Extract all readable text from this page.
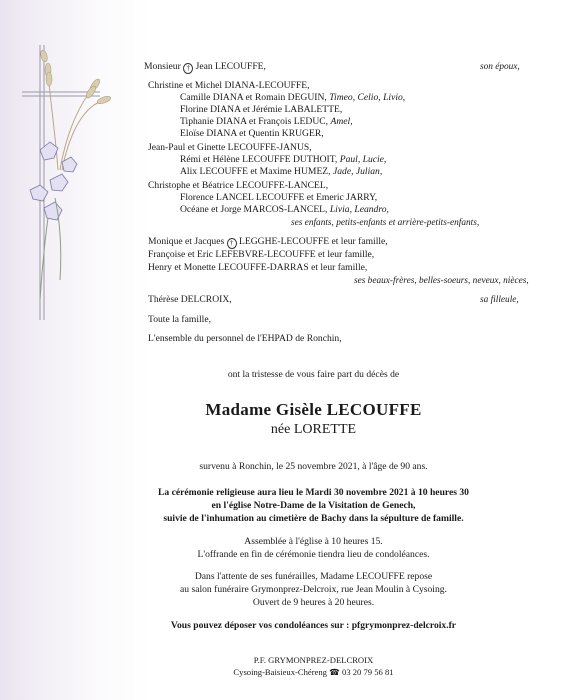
Monsieur † Jean LECOUFFE,	son époux,
Christine et Michel DIANA-LECOUFFE,
Camille DIANA et Romain DEGUIN, Timeo, Celio, Livio,
Florine DIANA et Jérémie LABALETTE,
Tiphanie DIANA et François LEDUC, Amel,
Eloïse DIANA et Quentin KRUGER,
Jean-Paul et Ginette LECOUFFE-JANUS,
Rémi et Hélène LECOUFFE DUTHOIT, Paul, Lucie,
Alix LECOUFFE et Maxime HUMEZ, Jade, Julian,
Christophe et Béatrice LECOUFFE-LANCEL,
Florence LANCEL LECOUFFE et Emeric JARRY,
Océane et Jorge MARCOS-LANCEL, Livia, Leandro,
ses enfants, petits-enfants et arrière-petits-enfants,
Monique et Jacques † LEGGHE-LECOUFFE et leur famille,
Françoise et Eric LEFEBVRE-LECOUFFE et leur famille,
Henry et Monette LECOUFFE-DARRAS et leur famille,
ses beaux-frères, belles-soeurs, neveux, nièces,
Thérèse DELCROIX,	sa filleule,
Toute la famille,
L'ensemble du personnel de l'EHPAD de Ronchin,
ont la tristesse de vous faire part du décès de
Madame Gisèle LECOUFFE
née LORETTE
survenu à Ronchin, le 25 novembre 2021, à l'âge de 90 ans.
La cérémonie religieuse aura lieu le Mardi 30 novembre 2021 à 10 heures 30
en l'église Notre-Dame de la Visitation de Genech,
suivie de l'inhumation au cimetière de Bachy dans la sépulture de famille.
Assemblée à l'église à 10 heures 15.
L'offrande en fin de cérémonie tiendra lieu de condoléances.
Dans l'attente de ses funérailles, Madame LECOUFFE repose
au salon funéraire Grymonprez-Delcroix, rue Jean Moulin à Cysoing.
Ouvert de 9 heures à 20 heures.
Vous pouvez déposer vos condoléances sur : pfgrymonprez-delcroix.fr
P.F. GRYMONPREZ-DELCROIX
Cysoing-Baisieux-Chéreng ☎ 03 20 79 56 81
